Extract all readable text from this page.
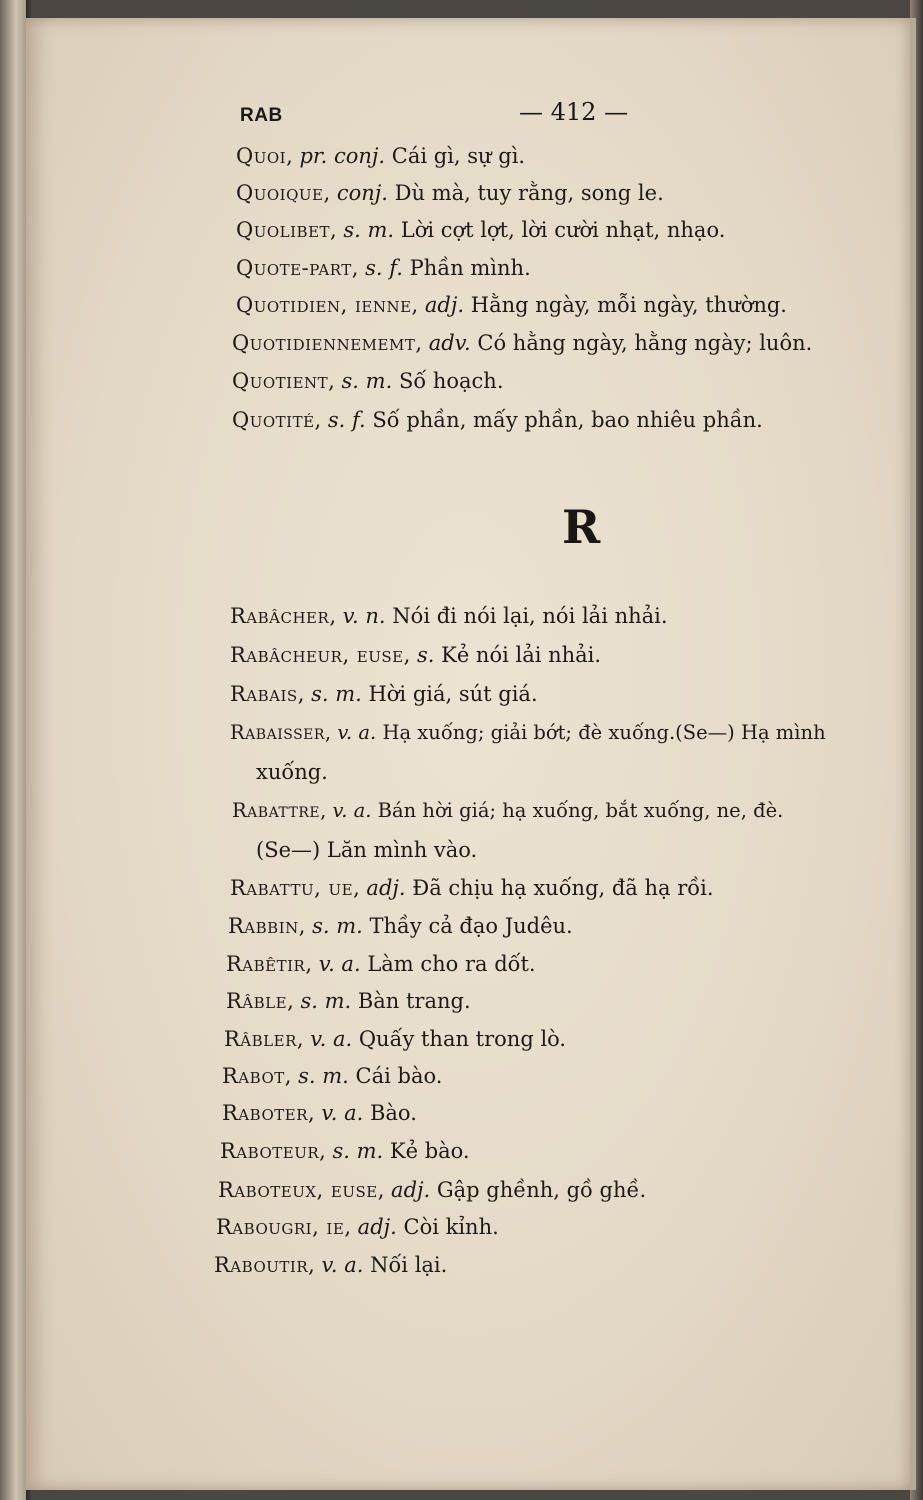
RAB	— 412 —
Quoi, pr. conj. Cái gì, sự gì.
Quoique, conj. Dù mà, tuy rằng, song le.
Quolibet, s. m. Lời cợt lợt, lời cười nhạt, nhạo.
Quote-part, s. f. Phần mình.
Quotidien, ienne, adj. Hằng ngày, mỗi ngày, thường.
Quotidiennememt, adv. Có hằng ngày, hằng ngày; luôn.
Quotient, s. m. Số hoạch.
Quotité, s. f. Số phần, mấy phần, bao nhiêu phần.
R
Rabâcher, v. n. Nói đi nói lại, nói lải nhải.
Rabâcheur, euse, s. Kẻ nói lải nhải.
Rabais, s. m. Hời giá, sút giá.
Rabaisser, v. a. Hạ xuống; giải bớt; đè xuống.(Se—) Hạ mình
xuống.
Rabattre, v. a. Bán hời giá; hạ xuống, bắt xuống, ne, đè.
(Se—) Lăn mình vào.
Rabattu, ue, adj. Đã chịu hạ xuống, đã hạ rồi.
Rabbin, s. m. Thầy cả đạo Judêu.
Rabêtir, v. a. Làm cho ra dốt.
Râble, s. m. Bàn trang.
Râbler, v. a. Quấy than trong lò.
Rabot, s. m. Cái bào.
Raboter, v. a. Bào.
Raboteur, s. m. Kẻ bào.
Raboteux, euse, adj. Gập ghềnh, gồ ghề.
Rabougri, ie, adj. Còi kỉnh.
Raboutir, v. a. Nối lại.
